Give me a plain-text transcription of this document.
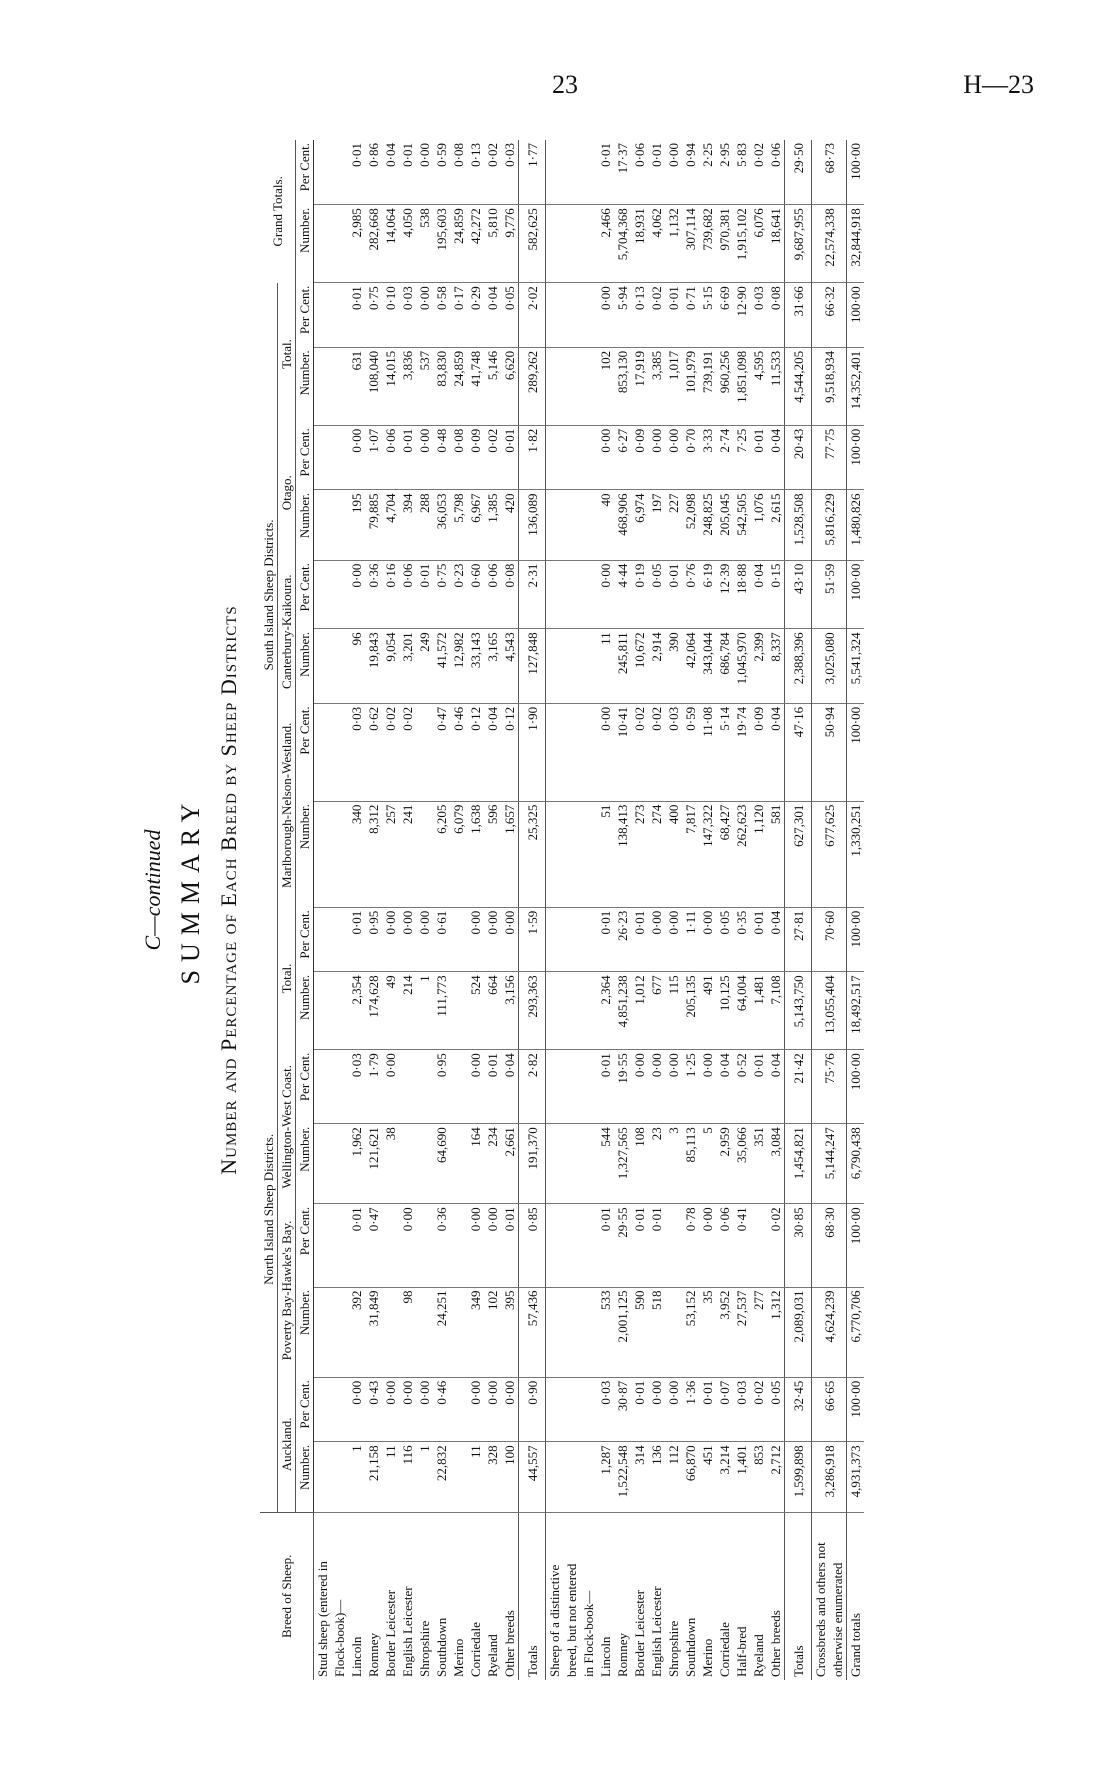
23	H—23
C—continued SUMMARY Number and Percentage of Each Breed by Sheep Districts
Breed of Sheep.	North Island Sheep Districts.								South Island Sheep Districts.								Grand Totals.	
	Auckland.		Poverty Bay-Hawke's Bay.		Wellington-West Coast.		Total.		Marlborough-Nelson-Westland.		Canterbury-Kaikoura.		Otago.		Total.			
	Number.	Per Cent.	Number.	Per Cent.	Number.	Per Cent.	Number.	Per Cent.	Number.	Per Cent.	Number.	Per Cent.	Number.	Per Cent.	Number.	Per Cent.	Number.	Per Cent.
Stud sheep (entered in																		
Flock-book)—																		
Lincoln	1	0·00	392	0·01	1,962	0·03	2,354	0·01	340	0·03	96	0·00	195	0·00	631	0·01	2,985	0·01
Romney	21,158	0·43	31,849	0·47	121,621	1·79	174,628	0·95	8,312	0·62	19,843	0·36	79,885	1·07	108,040	0·75	282,668	0·86
Border Leicester	11	0·00			38	0·00	49	0·00	257	0·02	9,054	0·16	4,704	0·06	14,015	0·10	14,064	0·04
English Leicester	116	0·00	98	0·00			214	0·00	241	0·02	3,201	0·06	394	0·01	3,836	0·03	4,050	0·01
Shropshire	1	0·00					1	0·00			249	0·01	288	0·00	537	0·00	538	0·00
Southdown	22,832	0·46	24,251	0·36	64,690	0·95	111,773	0·61	6,205	0·47	41,572	0·75	36,053	0·48	83,830	0·58	195,603	0·59
Merino									6,079	0·46	12,982	0·23	5,798	0·08	24,859	0·17	24,859	0·08
Corriedale	11	0·00	349	0·00	164	0·00	524	0·00	1,638	0·12	33,143	0·60	6,967	0·09	41,748	0·29	42,272	0·13
Ryeland	328	0·00	102	0·00	234	0·01	664	0·00	596	0·04	3,165	0·06	1,385	0·02	5,146	0·04	5,810	0·02
Other breeds	100	0·00	395	0·01	2,661	0·04	3,156	0·00	1,657	0·12	4,543	0·08	420	0·01	6,620	0·05	9,776	0·03
Totals	44,557	0·90	57,436	0·85	191,370	2·82	293,363	1·59	25,325	1·90	127,848	2·31	136,089	1·82	289,262	2·02	582,625	1·77
Sheep of a distinctive																		
breed, but not entered																		
in Flock-book—																		
Lincoln	1,287	0·03	533	0·01	544	0·01	2,364	0·01	51	0·00	11	0·00	40	0·00	102	0·00	2,466	0·01
Romney	1,522,548	30·87	2,001,125	29·55	1,327,565	19·55	4,851,238	26·23	138,413	10·41	245,811	4·44	468,906	6·27	853,130	5·94	5,704,368	17·37
Border Leicester	314	0·01	590	0·01	108	0·00	1,012	0·01	273	0·02	10,672	0·19	6,974	0·09	17,919	0·13	18,931	0·06
English Leicester	136	0·00	518	0·01	23	0·00	677	0·00	274	0·02	2,914	0·05	197	0·00	3,385	0·02	4,062	0·01
Shropshire	112	0·00			3	0·00	115	0·00	400	0·03	390	0·01	227	0·00	1,017	0·01	1,132	0·00
Southdown	66,870	1·36	53,152	0·78	85,113	1·25	205,135	1·11	7,817	0·59	42,064	0·76	52,098	0·70	101,979	0·71	307,114	0·94
Merino	451	0·01	35	0·00	5	0·00	491	0·00	147,322	11·08	343,044	6·19	248,825	3·33	739,191	5·15	739,682	2·25
Corriedale	3,214	0·07	3,952	0·06	2,959	0·04	10,125	0·05	68,427	5·14	686,784	12·39	205,045	2·74	960,256	6·69	970,381	2·95
Half-bred	1,401	0·03	27,537	0·41	35,066	0·52	64,004	0·35	262,623	19·74	1,045,970	18·88	542,505	7·25	1,851,098	12·90	1,915,102	5·83
Ryeland	853	0·02	277		351	0·01	1,481	0·01	1,120	0·09	2,399	0·04	1,076	0·01	4,595	0·03	6,076	0·02
Other breeds	2,712	0·05	1,312	0·02	3,084	0·04	7,108	0·04	581	0·04	8,337	0·15	2,615	0·04	11,533	0·08	18,641	0·06
Totals	1,599,898	32·45	2,089,031	30·85	1,454,821	21·42	5,143,750	27·81	627,301	47·16	2,388,396	43·10	1,528,508	20·43	4,544,205	31·66	9,687,955	29·50

Crossbreds and others not otherwise enumerated	3,286,918	66·65	4,624,239	68·30	5,144,247	75·76	13,055,404	70·60	677,625	50·94	3,025,080	51·59	5,816,229	77·75	9,518,934	66·32	22,574,338	68·73
Grand totals	4,931,373	100·00	6,770,706	100·00	6,790,438	100·00	18,492,517	100·00	1,330,251	100·00	5,541,324	100·00	1,480,826	100·00	14,352,401	100·00	32,844,918	100·00
